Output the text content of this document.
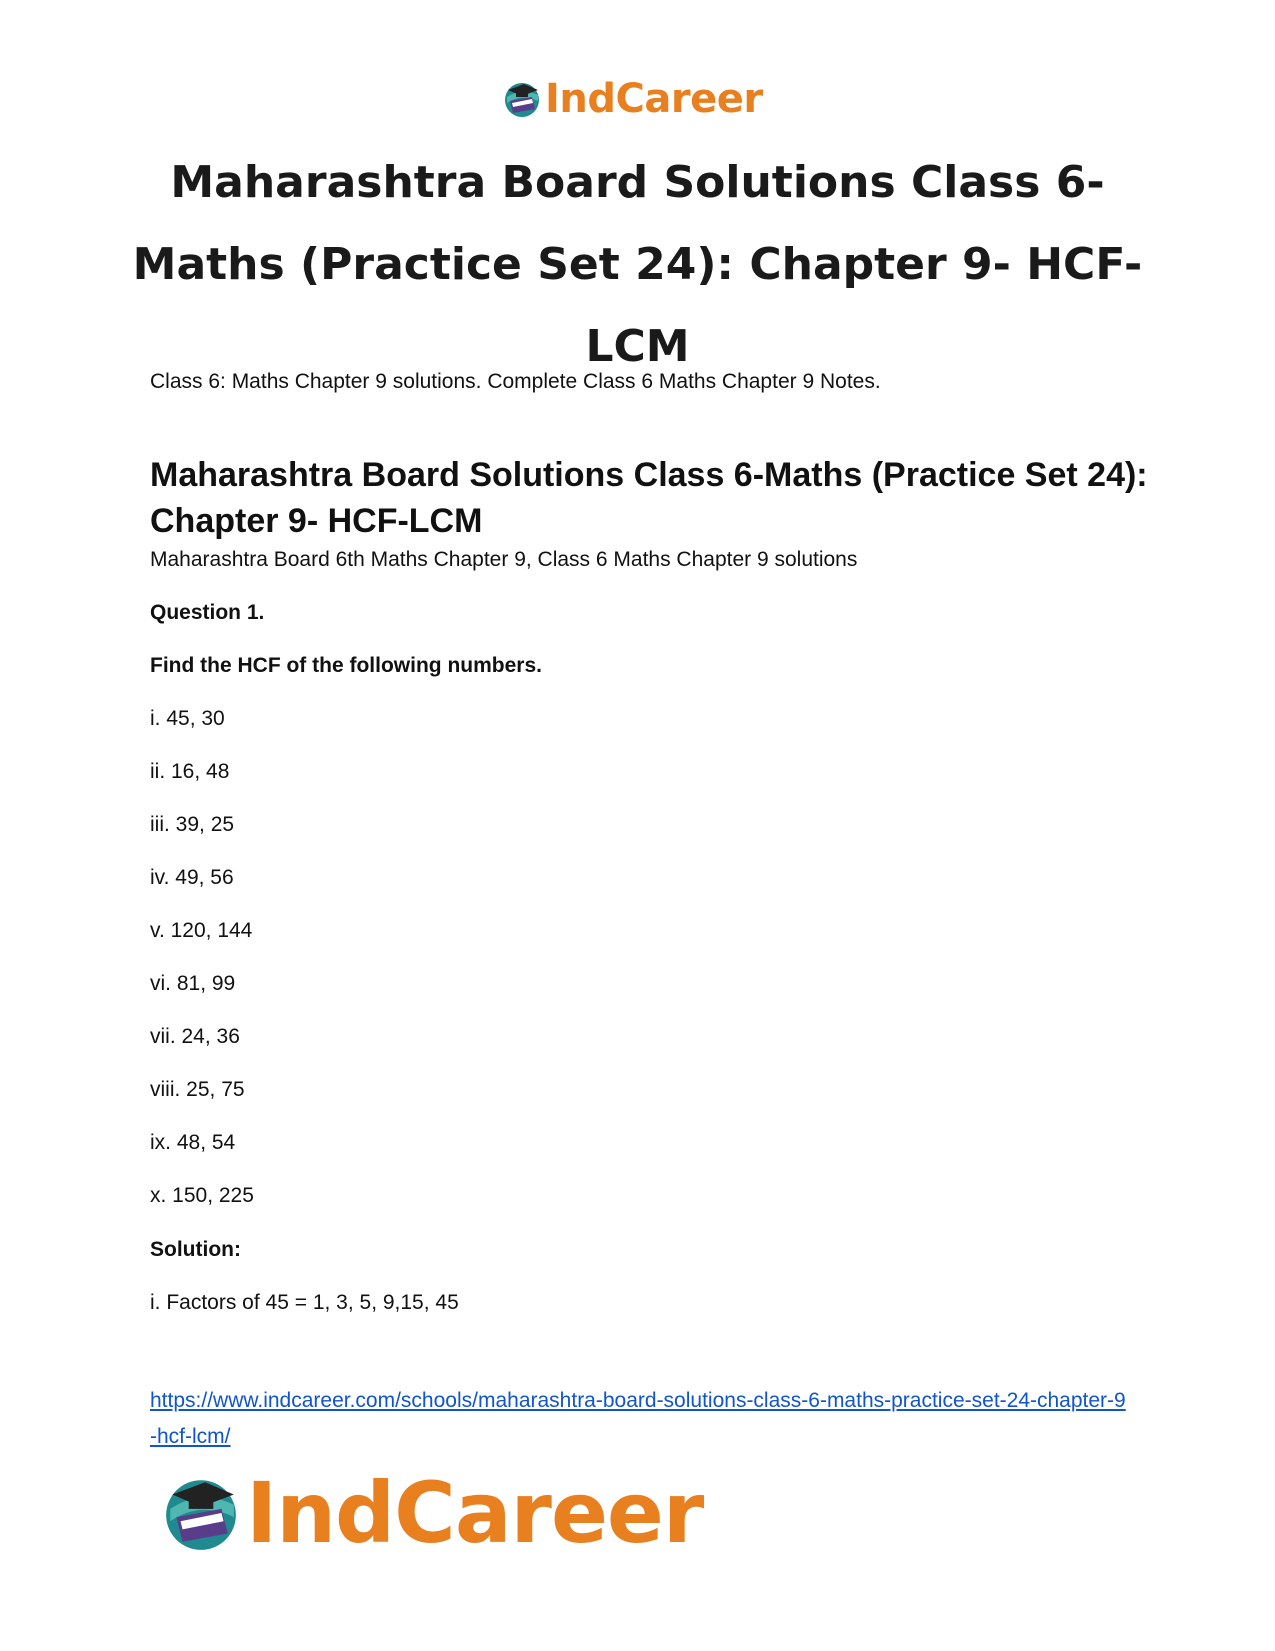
IndCareer
Maharashtra Board Solutions Class 6-Maths (Practice Set 24): Chapter 9- HCF-LCM

Class 6: Maths Chapter 9 solutions. Complete Class 6 Maths Chapter 9 Notes.

Maharashtra Board Solutions Class 6-Maths (Practice Set 24): Chapter 9- HCF-LCM

Maharashtra Board 6th Maths Chapter 9, Class 6 Maths Chapter 9 solutions

Question 1.

Find the HCF of the following numbers.

i. 45, 30

ii. 16, 48

iii. 39, 25

iv. 49, 56

v. 120, 144

vi. 81, 99

vii. 24, 36

viii. 25, 75

ix. 48, 54

x. 150, 225

Solution:

i. Factors of 45 = 1, 3, 5, 9,15, 45

https://www.indcareer.com/schools/maharashtra-board-solutions-class-6-maths-practice-set-24-chapter-9-hcf-lcm/
IndCareer
